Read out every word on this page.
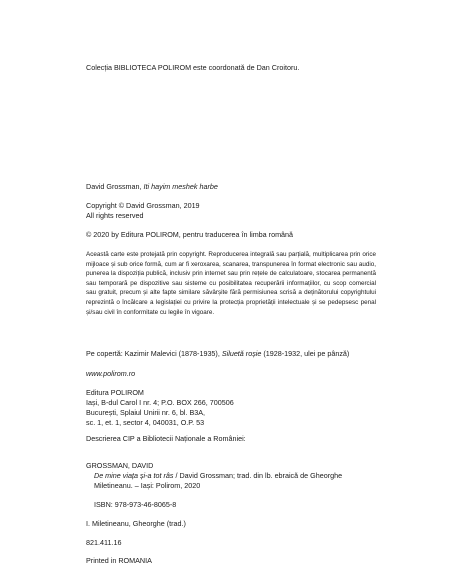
Colecția BIBLIOTECA POLIROM este coordonată de Dan Croitoru.

David Grossman, Iti hayim meshek harbe

Copyright © David Grossman, 2019
All rights reserved

© 2020 by Editura POLIROM, pentru traducerea în limba română

Această carte este protejată prin copyright. Reproducerea integrală sau parțială, multiplicarea prin orice mijloace și sub orice formă, cum ar fi xeroxarea, scanarea, transpunerea în format electronic sau audio, punerea la dispoziția publică, inclusiv prin internet sau prin rețele de calculatoare, stocarea permanentă sau temporară pe dispozitive sau sisteme cu posibilitatea recuperării informațiilor, cu scop comercial sau gratuit, precum și alte fapte similare săvârșite fără permisiunea scrisă a deținătorului copyrightului reprezintă o încălcare a legislației cu privire la protecția proprietății intelectuale și se pedepsesc penal și/sau civil în conformitate cu legile în vigoare.

Pe copertă: Kazimir Malevici (1878-1935), Siluetă roșie (1928-1932, ulei pe pânză)

www.polirom.ro

Editura POLIROM
Iași, B-dul Carol I nr. 4; P.O. BOX 266, 700506
București, Splaiul Unirii nr. 6, bl. B3A,
sc. 1, et. 1, sector 4, 040031, O.P. 53

Descrierea CIP a Bibliotecii Naționale a României:

GROSSMAN, DAVID

De mine viața și-a tot râs / David Grossman; trad. din lb. ebraică de Gheorghe Miletineanu. – Iași: Polirom, 2020

ISBN: 978-973-46-8065-8

I. Miletineanu, Gheorghe (trad.)

821.411.16

Printed in ROMANIA
